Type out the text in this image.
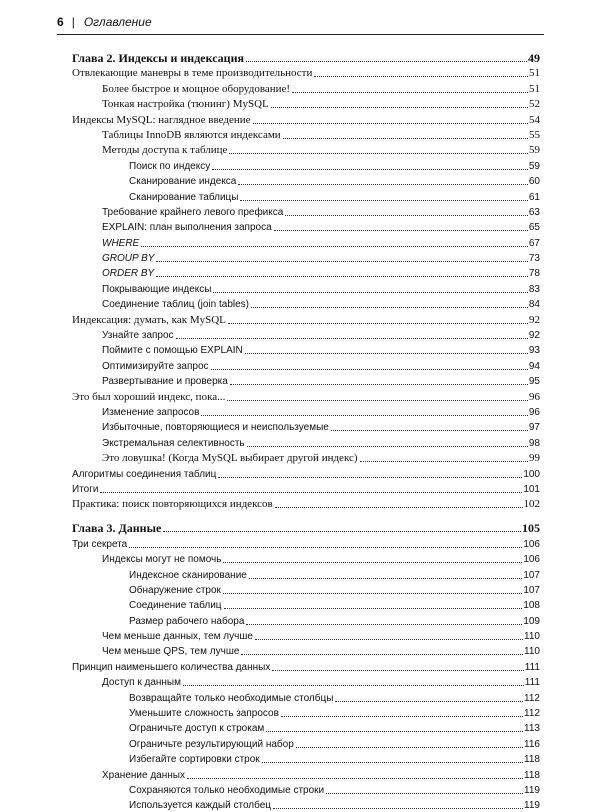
6 | Оглавление
Глава 2. Индексы и индексация	49
Отвлекающие маневры в теме производительности	51
Более быстрое и мощное оборудование!	51
Тонкая настройка (тюнинг) MySQL	52
Индексы MySQL: наглядное введение	54
Таблицы InnoDB являются индексами	55
Методы доступа к таблице	59
Поиск по индексу	59
Сканирование индекса	60
Сканирование таблицы	61
Требование крайнего левого префикса	63
EXPLAIN: план выполнения запроса	65
WHERE	67
GROUP BY	73
ORDER BY	78
Покрывающие индексы	83
Соединение таблиц (join tables)	84
Индексация: думать, как MySQL	92
Узнайте запрос	92
Поймите с помощью EXPLAIN	93
Оптимизируйте запрос	94
Развертывание и проверка	95
Это был хороший индекс, пока...	96
Изменение запросов	96
Избыточные, повторяющиеся и неиспользуемые	97
Экстремальная селективность	98
Это ловушка! (Когда MySQL выбирает другой индекс)	99
Алгоритмы соединения таблиц	100
Итоги	101
Практика: поиск повторяющихся индексов	102
Глава 3. Данные	105
Три секрета	106
Индексы могут не помочь	106
Индексное сканирование	107
Обнаружение строк	107
Соединение таблиц	108
Размер рабочего набора	109
Чем меньше данных, тем лучше	110
Чем меньше QPS, тем лучше	110
Принцип наименьшего количества данных	111
Доступ к данным	111
Возвращайте только необходимые столбцы	112
Уменьшите сложность запросов	112
Ограничьте доступ к строкам	113
Ограничьте результирующий набор	116
Избегайте сортировки строк	118
Хранение данных	118
Сохраняются только необходимые строки	119
Используется каждый столбец	119
